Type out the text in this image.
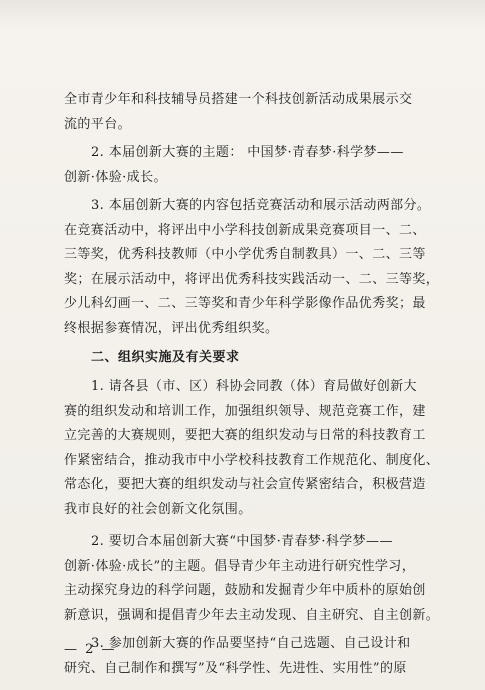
全市青少年和科技辅导员搭建一个科技创新活动成果展示交
流的平台。

2. 本届创新大赛的主题： 中国梦·青春梦·科学梦——
创新·体验·成长。

3. 本届创新大赛的内容包括竞赛活动和展示活动两部分。
在竞赛活动中，将评出中小学科技创新成果竞赛项目一、二、
三等奖，优秀科技教师（中小学优秀自制教具）一、二、三等
奖；在展示活动中，将评出优秀科技实践活动一、二、三等奖，
少儿科幻画一、二、三等奖和青少年科学影像作品优秀奖；最
终根据参赛情况，评出优秀组织奖。

二、组织实施及有关要求

1. 请各县（市、区）科协会同教（体）育局做好创新大
赛的组织发动和培训工作，加强组织领导、规范竞赛工作，建
立完善的大赛规则，要把大赛的组织发动与日常的科技教育工
作紧密结合，推动我市中小学校科技教育工作规范化、制度化、
常态化，要把大赛的组织发动与社会宣传紧密结合，积极营造
我市良好的社会创新文化氛围。

2. 要切合本届创新大赛“中国梦·青春梦·科学梦——
创新·体验·成长”的主题。倡导青少年主动进行研究性学习，
主动探究身边的科学问题，鼓励和发掘青少年中质朴的原始创
新意识，强调和提倡青少年去主动发现、自主研究、自主创新。

3. 参加创新大赛的作品要坚持“自己选题、自己设计和
研究、自己制作和撰写”及“科学性、先进性、实用性”的原

— 2 —
